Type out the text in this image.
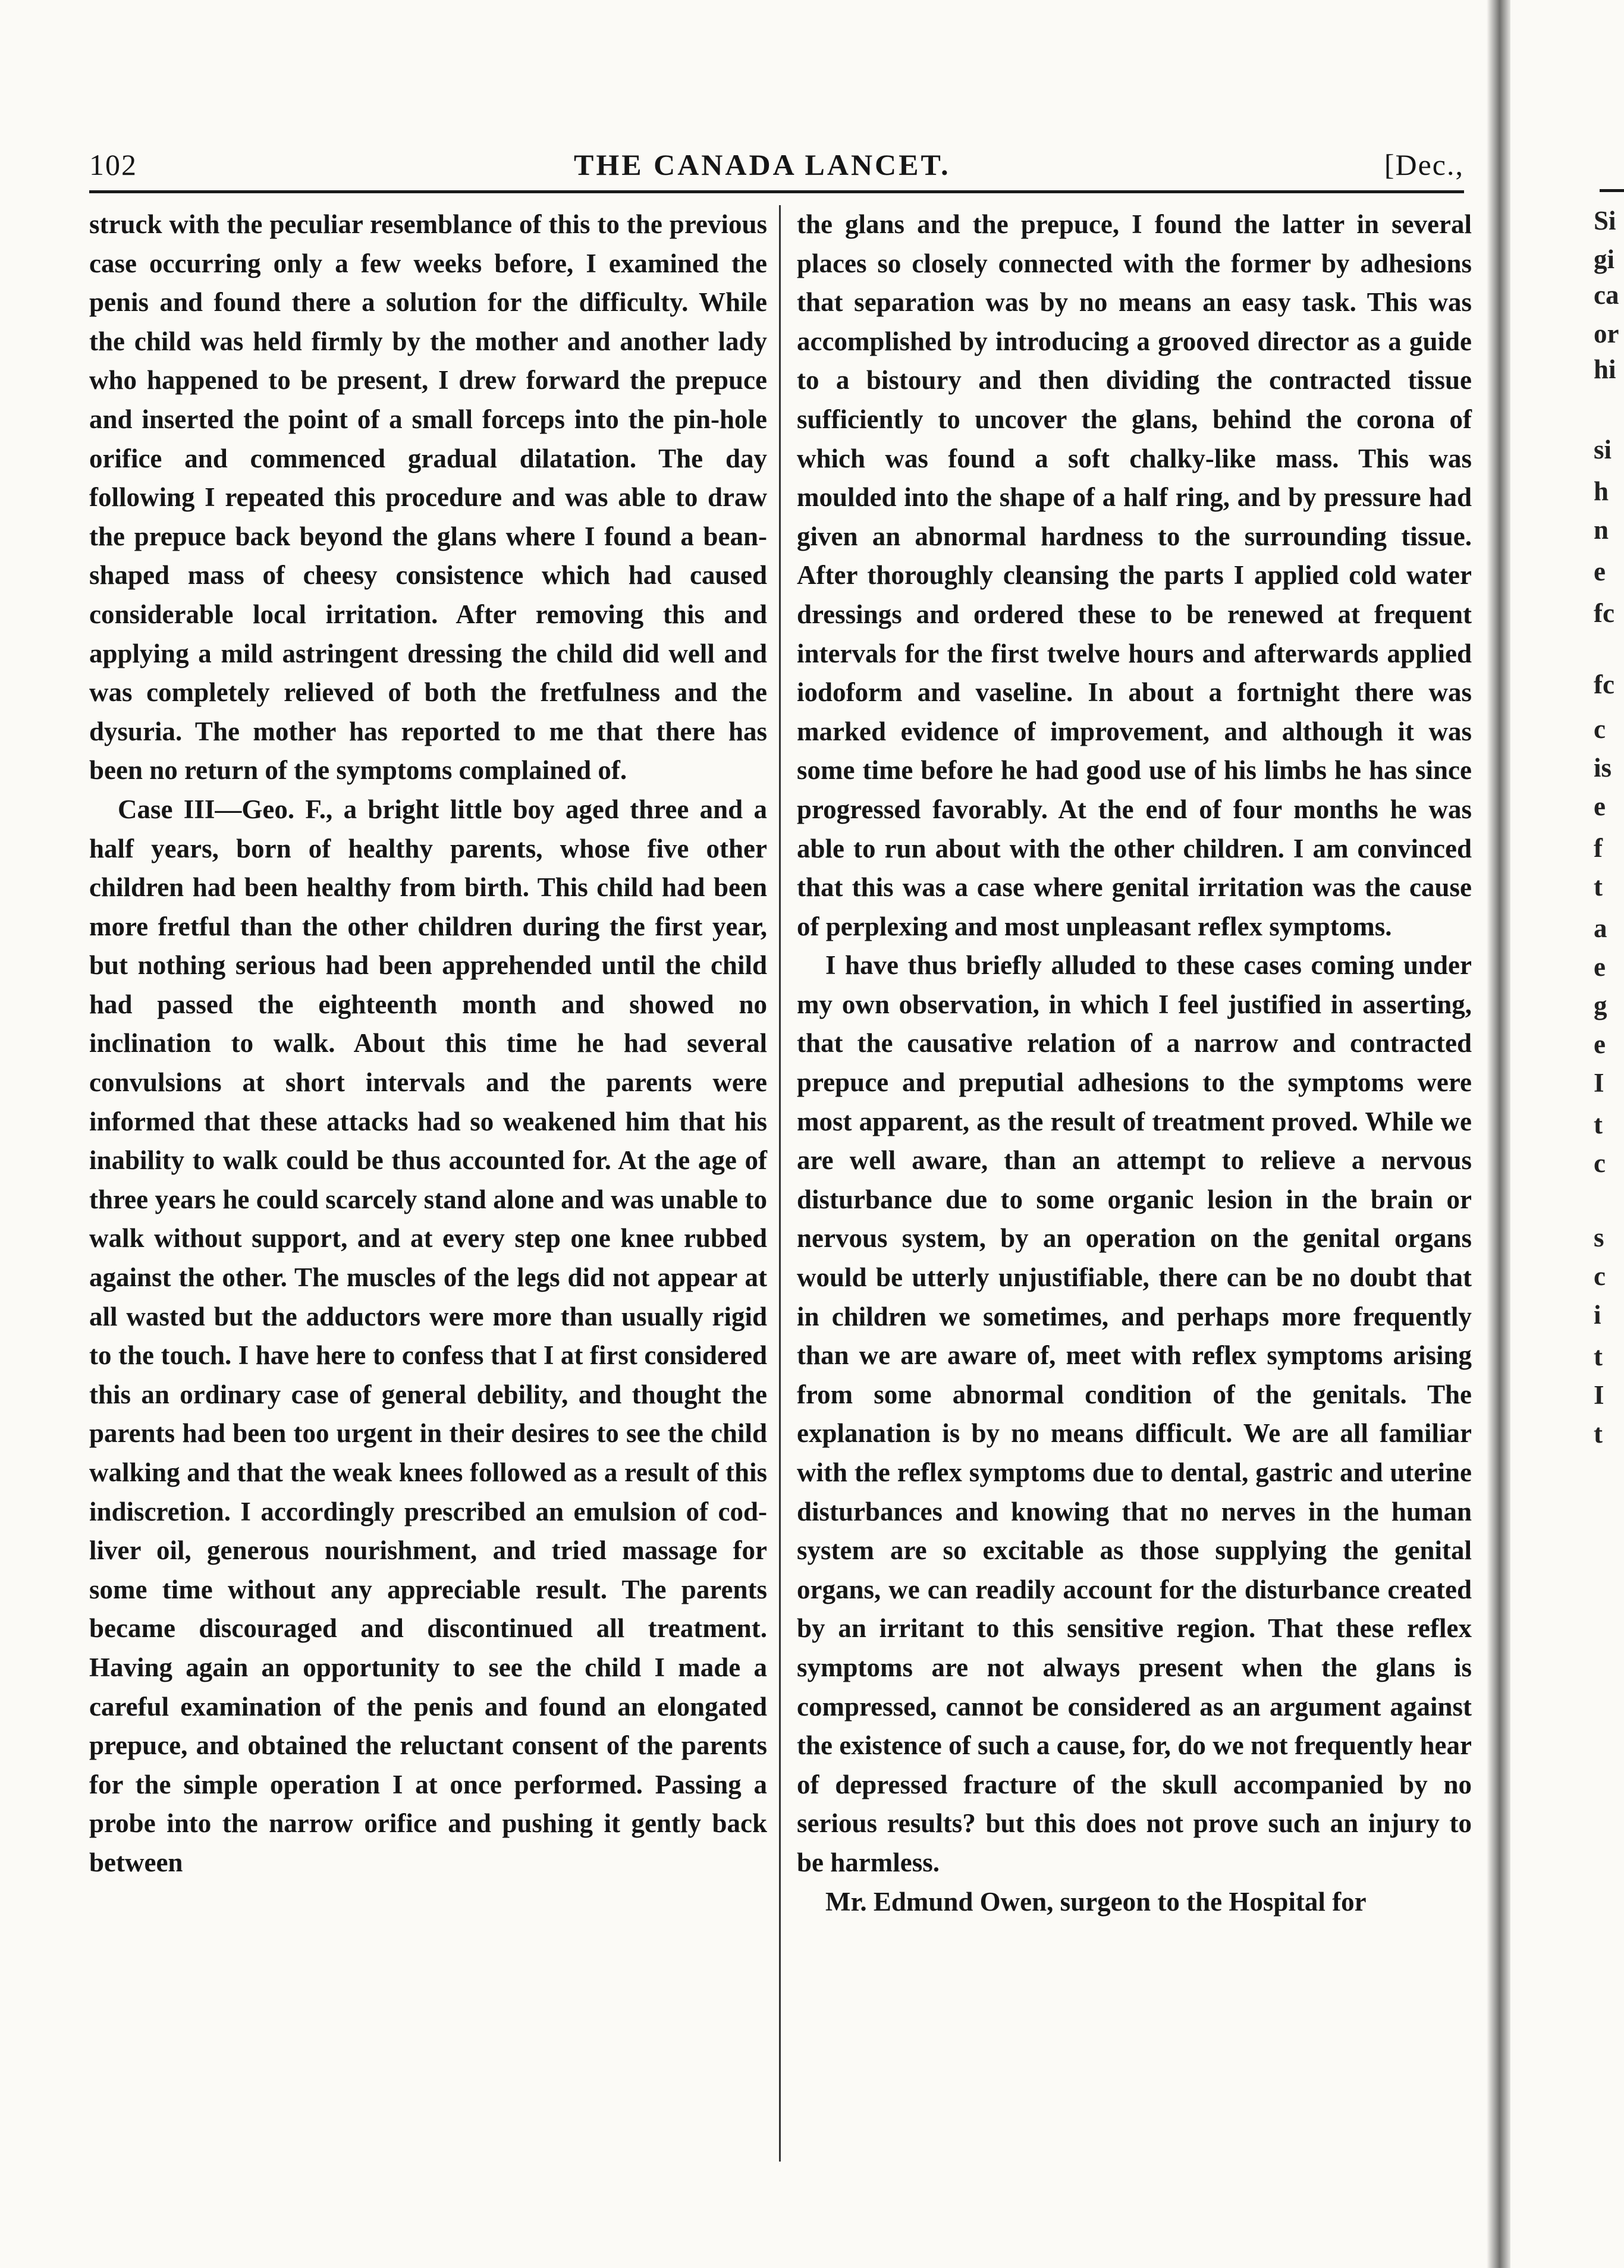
102	THE CANADA LANCET.	[Dec.,

struck with the peculiar resemblance of this to the previous case occurring only a few weeks before, I examined the penis and found there a solution for the difficulty. While the child was held firmly by the mother and another lady who happened to be present, I drew forward the prepuce and inserted the point of a small forceps into the pin-hole orifice and commenced gradual dilatation. The day following I repeated this procedure and was able to draw the prepuce back beyond the glans where I found a bean-shaped mass of cheesy consistence which had caused considerable local irritation. After removing this and applying a mild astringent dressing the child did well and was completely relieved of both the fretfulness and the dysuria. The mother has reported to me that there has been no return of the symptoms complained of.

Case III—Geo. F., a bright little boy aged three and a half years, born of healthy parents, whose five other children had been healthy from birth. This child had been more fretful than the other children during the first year, but nothing serious had been apprehended until the child had passed the eighteenth month and showed no inclination to walk. About this time he had several convulsions at short intervals and the parents were informed that these attacks had so weakened him that his inability to walk could be thus accounted for. At the age of three years he could scarcely stand alone and was unable to walk without support, and at every step one knee rubbed against the other. The muscles of the legs did not appear at all wasted but the adductors were more than usually rigid to the touch. I have here to confess that I at first considered this an ordinary case of general debility, and thought the parents had been too urgent in their desires to see the child walking and that the weak knees followed as a result of this indiscretion. I accordingly prescribed an emulsion of cod-liver oil, generous nourishment, and tried massage for some time without any appreciable result. The parents became discouraged and discontinued all treatment. Having again an opportunity to see the child I made a careful examination of the penis and found an elongated prepuce, and obtained the reluctant consent of the parents for the simple operation I at once performed. Passing a probe into the narrow orifice and pushing it gently back between

the glans and the prepuce, I found the latter in several places so closely connected with the former by adhesions that separation was by no means an easy task. This was accomplished by introducing a grooved director as a guide to a bistoury and then dividing the contracted tissue sufficiently to uncover the glans, behind the corona of which was found a soft chalky-like mass. This was moulded into the shape of a half ring, and by pressure had given an abnormal hardness to the surrounding tissue. After thoroughly cleansing the parts I applied cold water dressings and ordered these to be renewed at frequent intervals for the first twelve hours and afterwards applied iodoform and vaseline. In about a fortnight there was marked evidence of improvement, and although it was some time before he had good use of his limbs he has since progressed favorably. At the end of four months he was able to run about with the other children. I am convinced that this was a case where genital irritation was the cause of perplexing and most unpleasant reflex symptoms.

I have thus briefly alluded to these cases coming under my own observation, in which I feel justified in asserting, that the causative relation of a narrow and contracted prepuce and preputial adhesions to the symptoms were most apparent, as the result of treatment proved. While we are well aware, than an attempt to relieve a nervous disturbance due to some organic lesion in the brain or nervous system, by an operation on the genital organs would be utterly unjustifiable, there can be no doubt that in children we sometimes, and perhaps more frequently than we are aware of, meet with reflex symptoms arising from some abnormal condition of the genitals. The explanation is by no means difficult. We are all familiar with the reflex symptoms due to dental, gastric and uterine disturbances and knowing that no nerves in the human system are so excitable as those supplying the genital organs, we can readily account for the disturbance created by an irritant to this sensitive region. That these reflex symptoms are not always present when the glans is compressed, cannot be considered as an argument against the existence of such a cause, for, do we not frequently hear of depressed fracture of the skull accompanied by no serious results? but this does not prove such an injury to be harmless.

Mr. Edmund Owen, surgeon to the Hospital for

Si
gi
ca
or
hi
si
h
n
e
fc
fc
c
is
e
f
t
a
e
g
e
I
t
c
s
c
i
t
I
t
